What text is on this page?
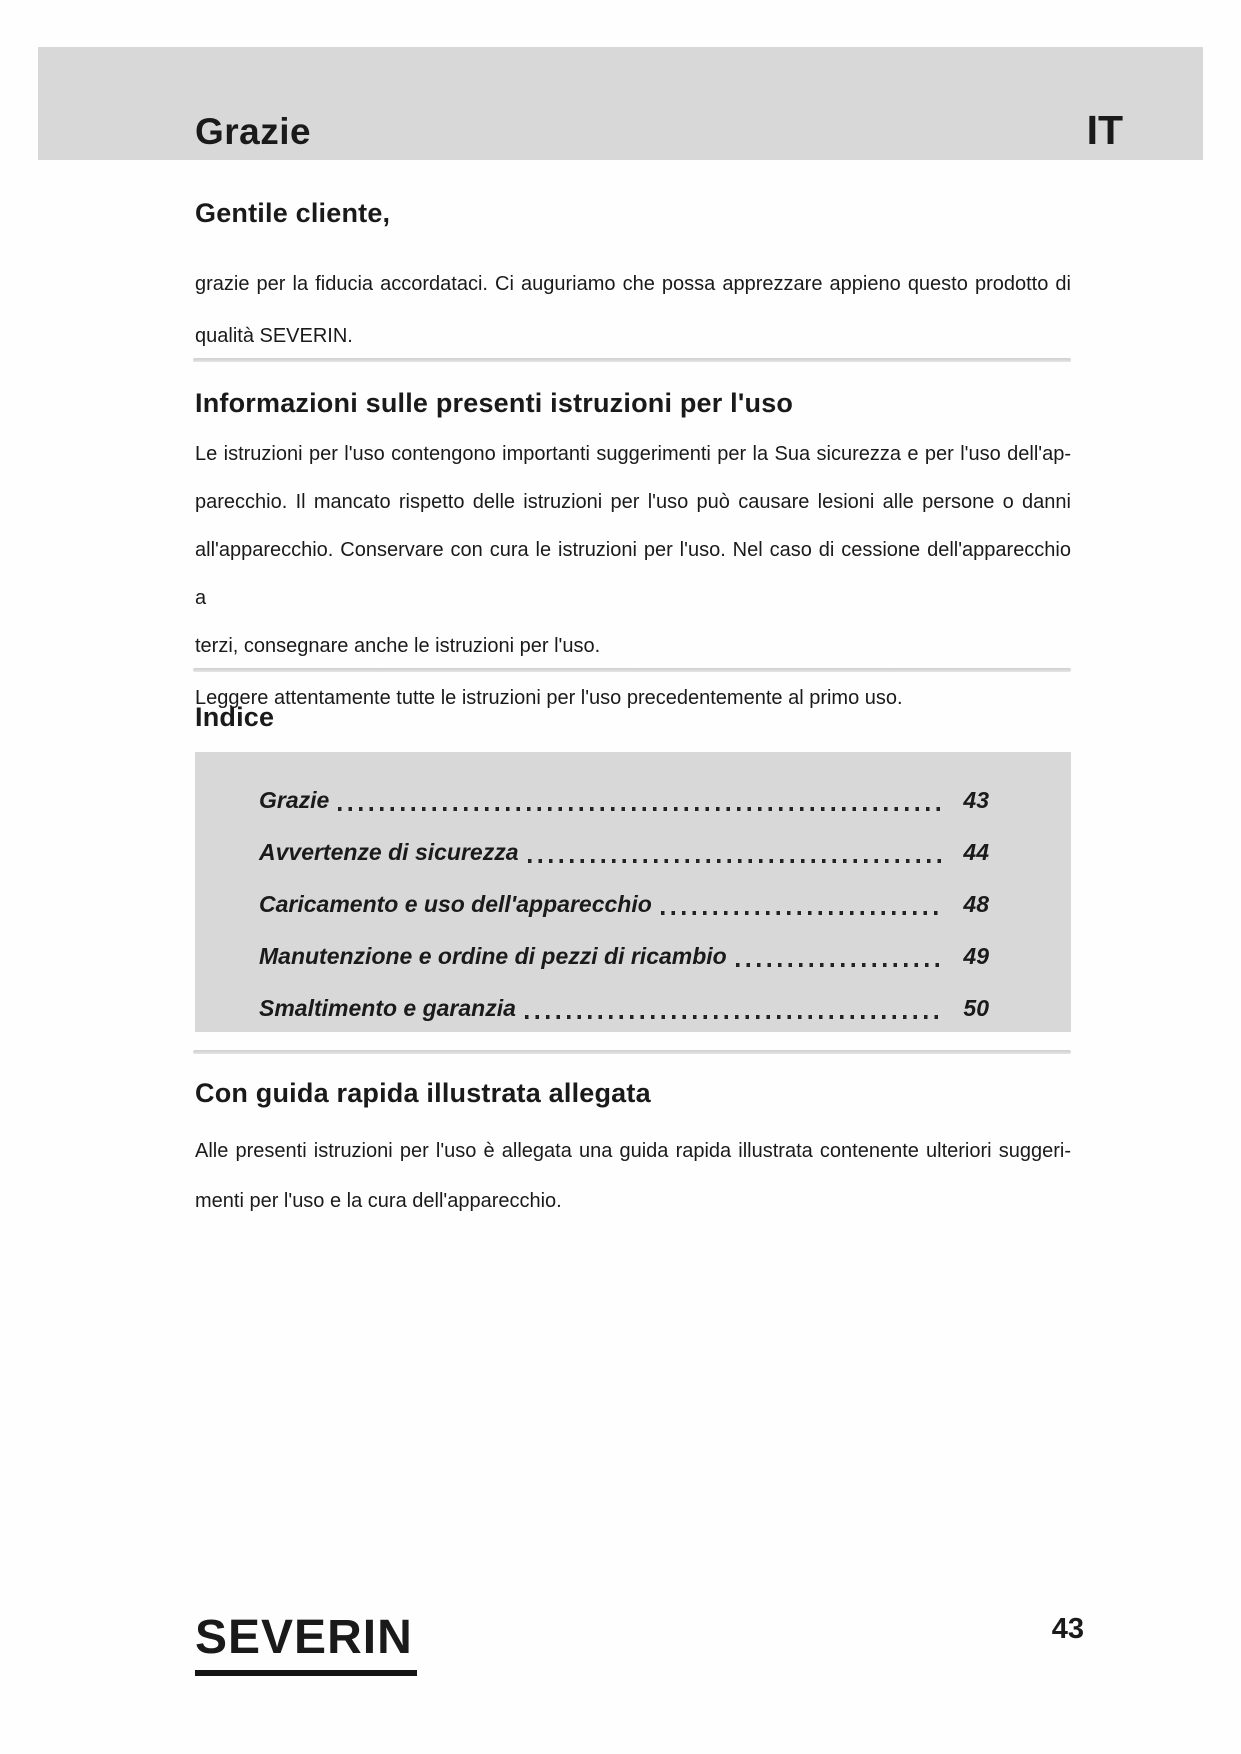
Grazie	IT
Gentile cliente,
grazie per la fiducia accordataci. Ci auguriamo che possa apprezzare appieno questo prodotto di
qualità SEVERIN.
Informazioni sulle presenti istruzioni per l'uso
Le istruzioni per l'uso contengono importanti suggerimenti per la Sua sicurezza e per l'uso dell'ap-
parecchio. Il mancato rispetto delle istruzioni per l'uso può causare lesioni alle persone o danni
all'apparecchio. Conservare con cura le istruzioni per l'uso. Nel caso di cessione dell'apparecchio a
terzi, consegnare anche le istruzioni per l'uso.
Leggere attentamente tutte le istruzioni per l'uso precedentemente al primo uso.
Indice
Grazie	43
Avvertenze di sicurezza	44
Caricamento e uso dell'apparecchio	48
Manutenzione e ordine di pezzi di ricambio	49
Smaltimento e garanzia	50
Con guida rapida illustrata allegata
Alle presenti istruzioni per l'uso è allegata una guida rapida illustrata contenente ulteriori suggeri-
menti per l'uso e la cura dell'apparecchio.
SEVERIN	43
